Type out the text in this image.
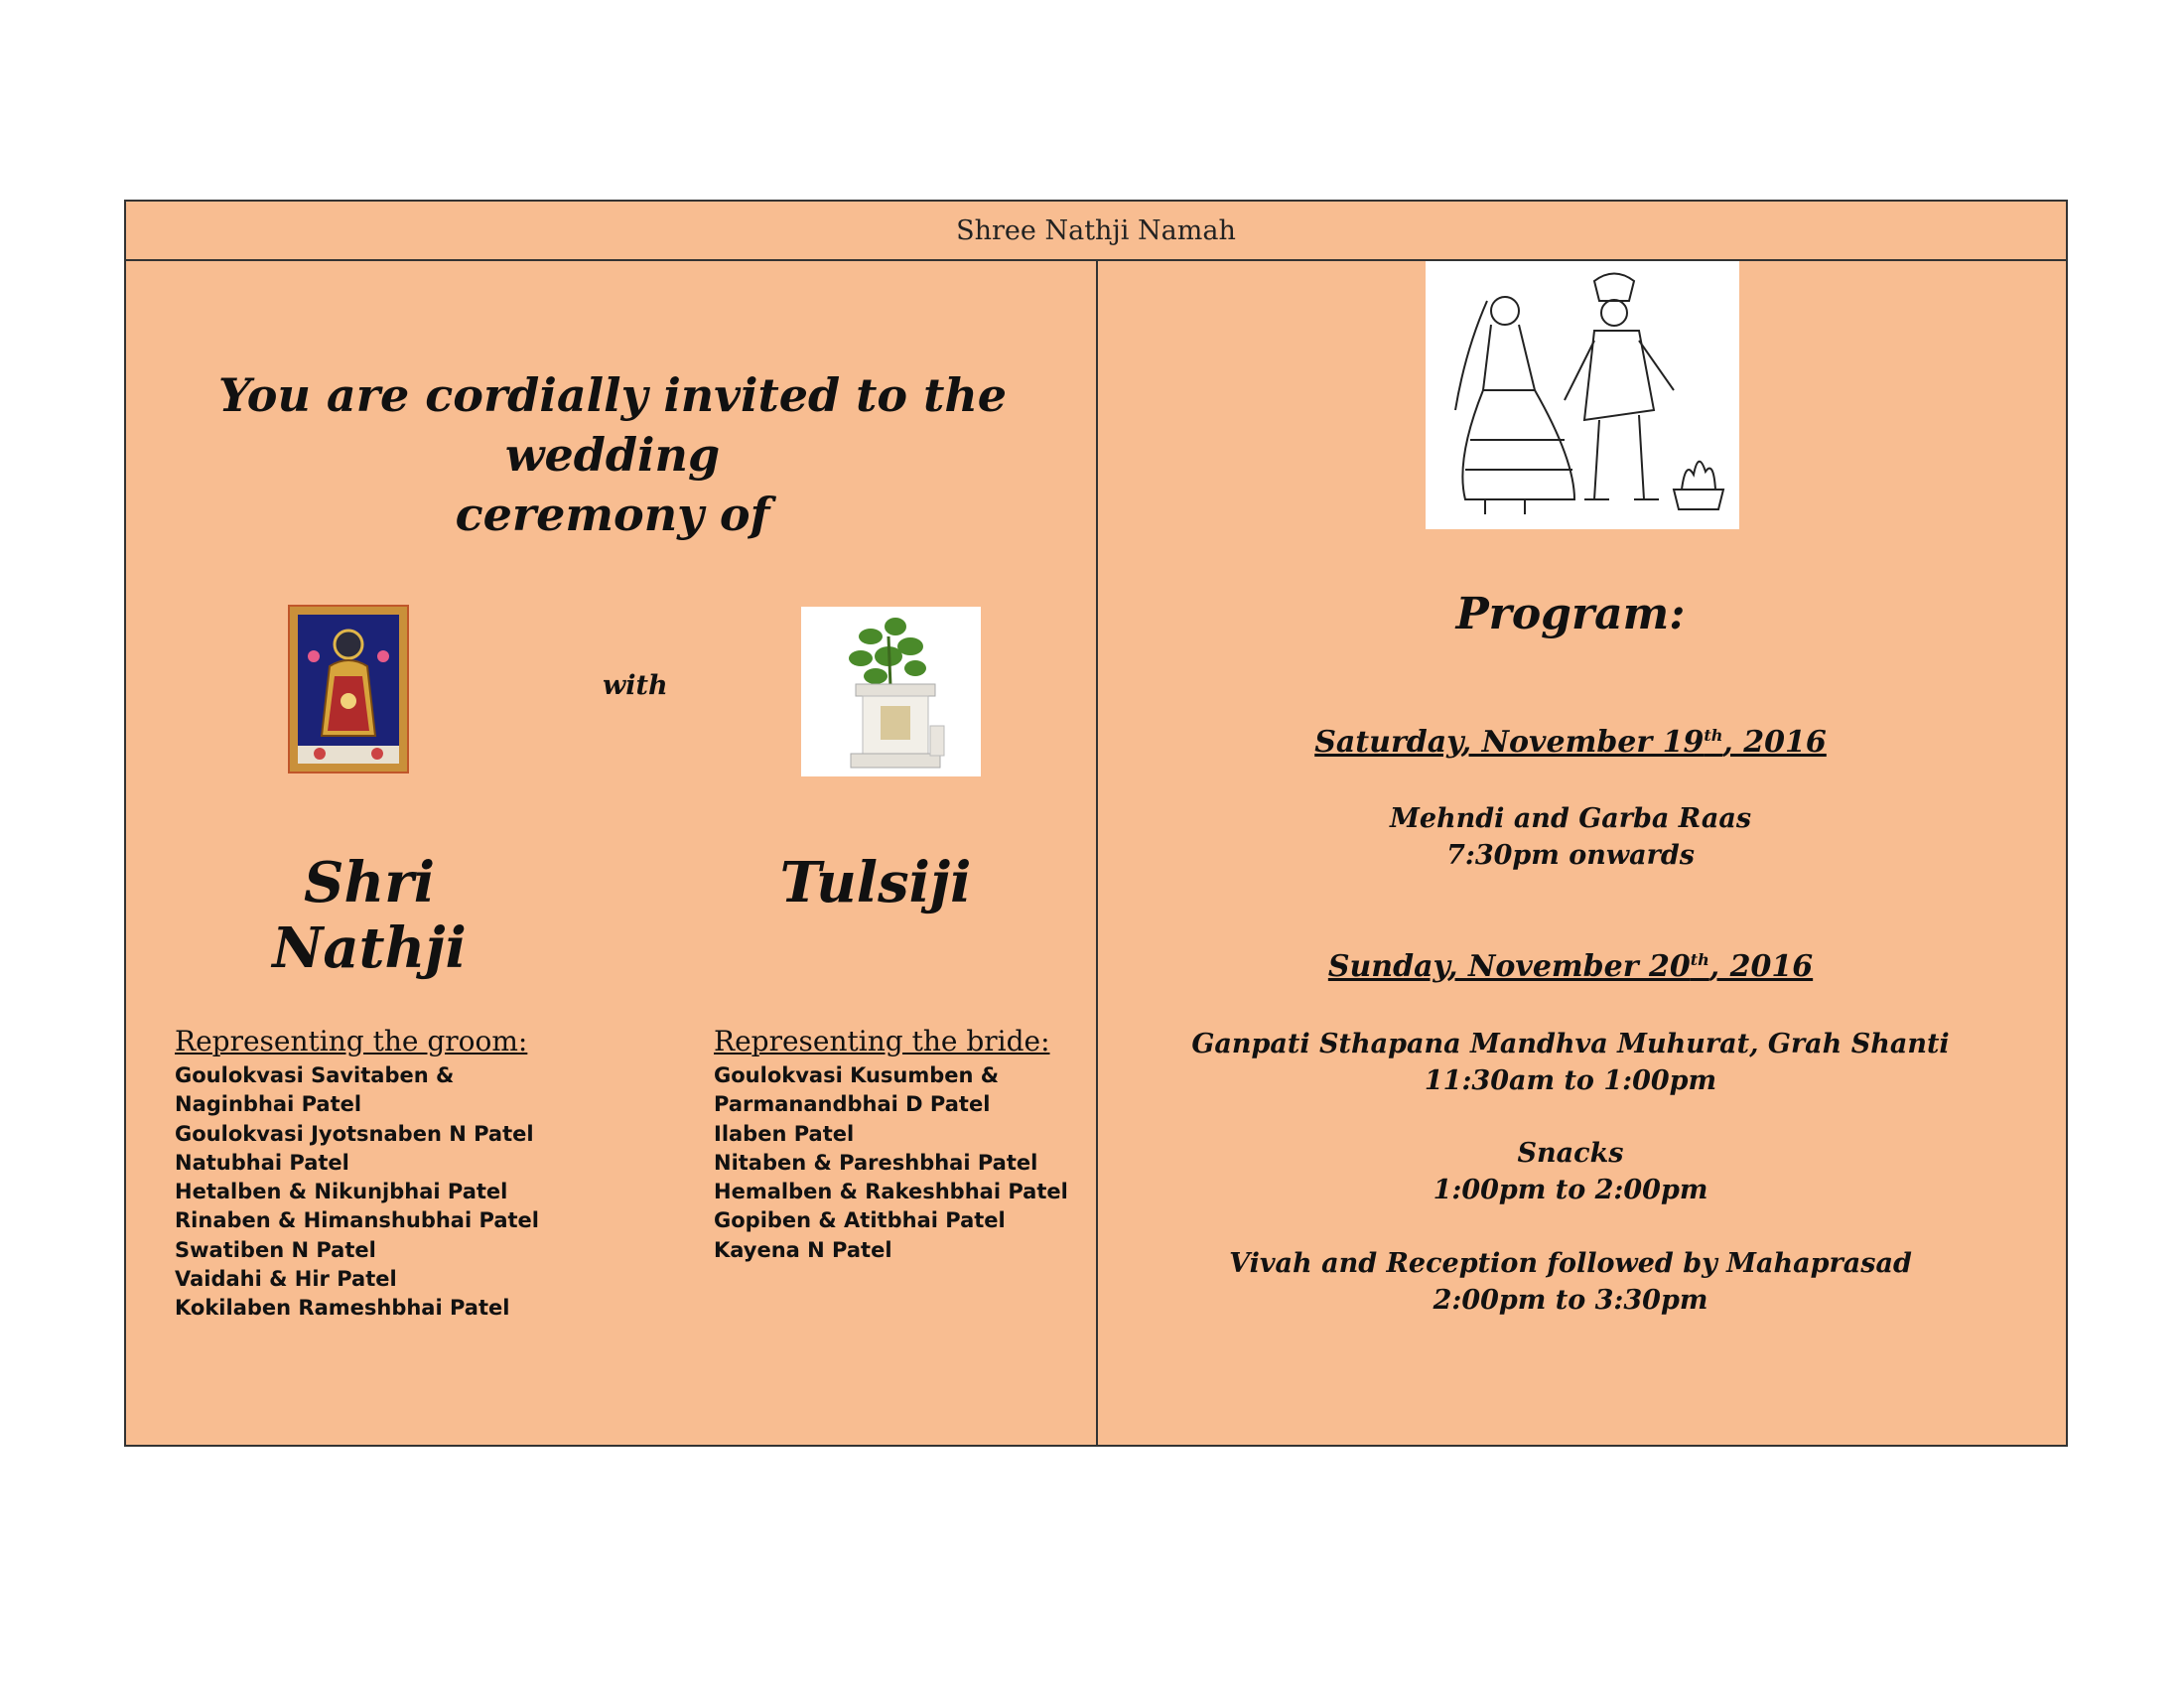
Shree Nathji Namah
You are cordially invited to the wedding
ceremony of
with
Shri Nathji
Tulsiji
Representing the groom:
Goulokvasi Savitaben &
Naginbhai Patel
Goulokvasi Jyotsnaben N Patel
Natubhai Patel
Hetalben & Nikunjbhai Patel
Rinaben & Himanshubhai Patel
Swatiben N Patel
Vaidahi & Hir Patel
Kokilaben Rameshbhai Patel
Representing the bride:
Goulokvasi Kusumben &
Parmanandbhai D Patel
Ilaben Patel
Nitaben & Pareshbhai Patel
Hemalben & Rakeshbhai Patel
Gopiben & Atitbhai Patel
Kayena N Patel
Program:
Saturday, November 19th, 2016
Mehndi and Garba Raas
7:30pm onwards
Sunday, November 20th, 2016
Ganpati Sthapana Mandhva Muhurat, Grah Shanti
11:30am to 1:00pm
Snacks
1:00pm to 2:00pm
Vivah and Reception followed by Mahaprasad
2:00pm to 3:30pm
